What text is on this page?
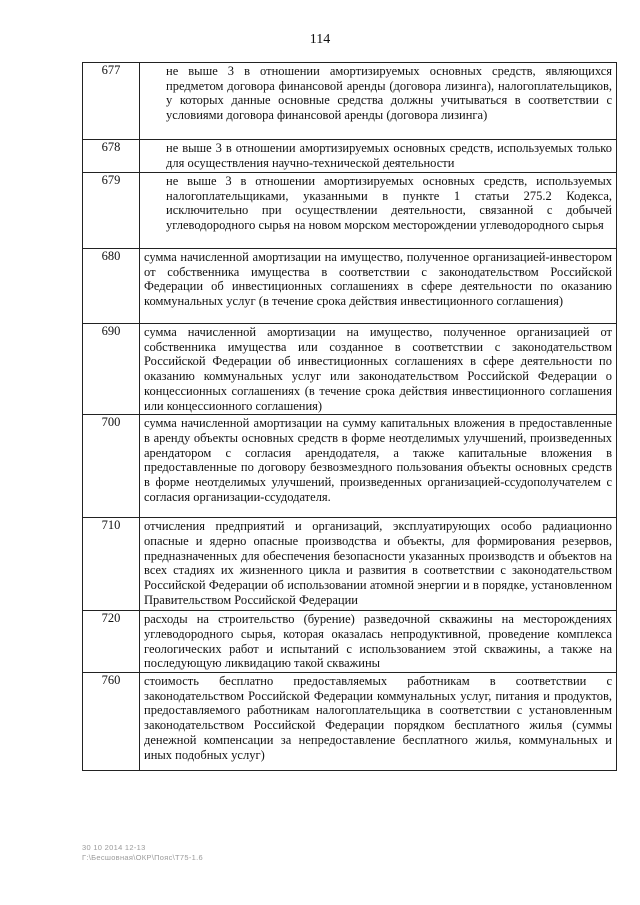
114
677	не выше 3 в отношении амортизируемых основных средств, являющихся предметом договора финансовой аренды (договора лизинга), налогоплательщиков, у которых данные основные средства должны учитываться в соответствии с условиями договора финансовой аренды (договора лизинга)
678	не выше 3 в отношении амортизируемых основных средств, используемых только для осуществления научно-технической деятельности
679	не выше 3 в отношении амортизируемых основных средств, используемых налогоплательщиками, указанными в пункте 1 статьи 275.2 Кодекса, исключительно при осуществлении деятельности, связанной с добычей углеводородного сырья на новом морском месторождении углеводородного сырья
680	сумма начисленной амортизации на имущество, полученное организацией-инвестором от собственника имущества в соответствии с законодательством Российской Федерации об инвестиционных соглашениях в сфере деятельности по оказанию коммунальных услуг (в течение срока действия инвестиционного соглашения)
690	сумма начисленной амортизации на имущество, полученное организацией от собственника имущества или созданное в соответствии с законодательством Российской Федерации об инвестиционных соглашениях в сфере деятельности по оказанию коммунальных услуг или законодательством Российской Федерации о концессионных соглашениях (в течение срока действия инвестиционного соглашения или концессионного соглашения)
700	сумма начисленной амортизации на сумму капитальных вложения в предоставленные в аренду объекты основных средств в форме неотделимых улучшений, произведенных арендатором с согласия арендодателя, а также капитальные вложения в предоставленные по договору безвозмездного пользования объекты основных средств в форме неотделимых улучшений, произведенных организацией-ссудополучателем с согласия организации-ссудодателя.
710	отчисления предприятий и организаций, эксплуатирующих особо радиационно опасные и ядерно опасные производства и объекты, для формирования резервов, предназначенных для обеспечения безопасности указанных производств и объектов на всех стадиях их жизненного цикла и развития в соответствии с законодательством Российской Федерации об использовании атомной энергии и в порядке, установленном Правительством Российской Федерации
720	расходы на строительство (бурение) разведочной скважины на месторождениях углеводородного сырья, которая оказалась непродуктивной, проведение комплекса геологических работ и испытаний с использованием этой скважины, а также на последующую ликвидацию такой скважины
760	стоимость бесплатно предоставляемых работникам в соответствии с законодательством Российской Федерации коммунальных услуг, питания и продуктов, предоставляемого работникам налогоплательщика в соответствии с установленным законодательством Российской Федерации порядком бесплатного жилья (суммы денежной компенсации за непредоставление бесплатного жилья, коммунальных и иных подобных услуг)
30 10 2014 12-13
Г:\Бесшовная\ОКР\Пояс\Т75-1.6
